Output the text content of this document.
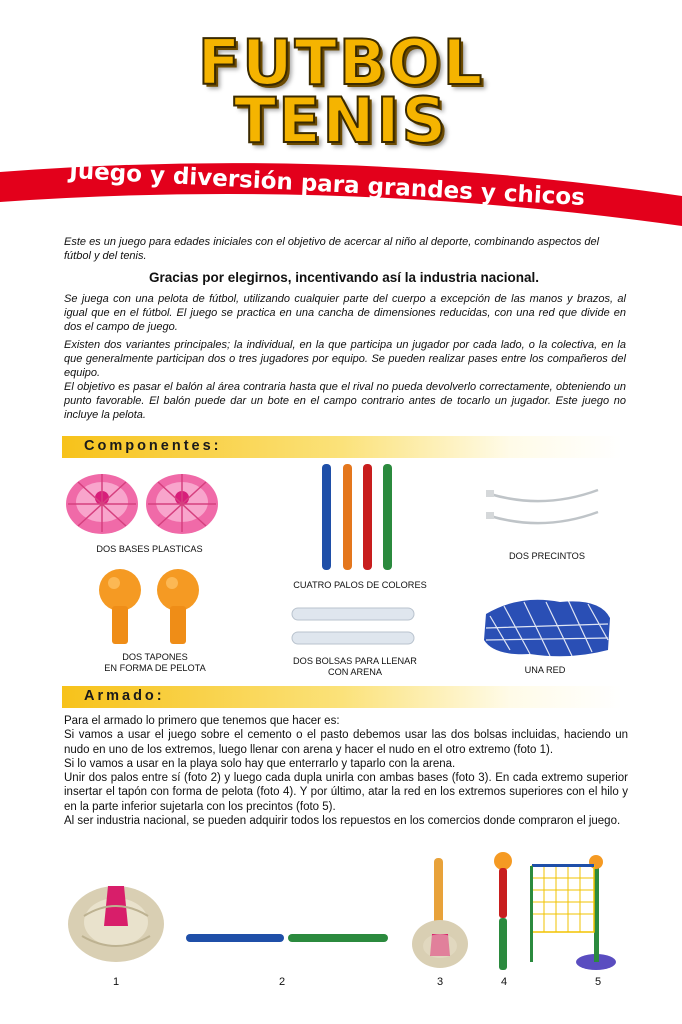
FUTBOL
TENIS
Juego y diversión para grandes y chicos
Este es un juego para edades iniciales con el objetivo de acercar al niño al deporte, combinando aspectos del fútbol y del tenis.
Gracias por elegirnos, incentivando así la industria nacional.
Se juega con una pelota de fútbol, utilizando cualquier parte del cuerpo a excepción de las manos y brazos, al igual que en el fútbol. El juego se practica en una cancha de dimensiones reducidas, con una red que divide en dos el campo de juego.
Existen dos variantes principales; la individual, en la que participa un jugador por cada lado, o la colectiva, en la que generalmente participan dos o tres jugadores por equipo. Se pueden realizar pases entre los compañeros del equipo.
El objetivo es pasar el balón al área contraria hasta que el rival no pueda devolverlo correctamente, obteniendo un punto favorable. El balón puede dar un bote en el campo contrario antes de tocarlo un jugador. Este juego no incluye la pelota.
Componentes:
DOS BASES PLASTICAS
CUATRO PALOS DE COLORES
DOS PRECINTOS
DOS TAPONES
EN FORMA DE PELOTA
DOS BOLSAS PARA LLENAR
CON ARENA	UNA RED
Armado:

Para el armado lo primero que tenemos que hacer es:

Si vamos a usar el juego sobre el cemento o el pasto debemos usar las dos bolsas incluidas, haciendo un nudo en uno de los extremos, luego llenar con arena y hacer el nudo en el otro extremo (foto 1).

Si lo vamos a usar en la playa solo hay que enterrarlo y taparlo con la arena.

Unir dos palos entre sí (foto 2) y luego cada dupla unirla con ambas bases (foto 3). En cada extremo superior insertar el tapón con forma de pelota (foto 4). Y por último, atar la red en los extremos superiores con el hilo y en la parte inferior sujetarla con los precintos (foto 5).

Al ser industria nacional, se pueden adquirir todos los repuestos en los comercios donde compraron el juego.

1	2	3	4	5
